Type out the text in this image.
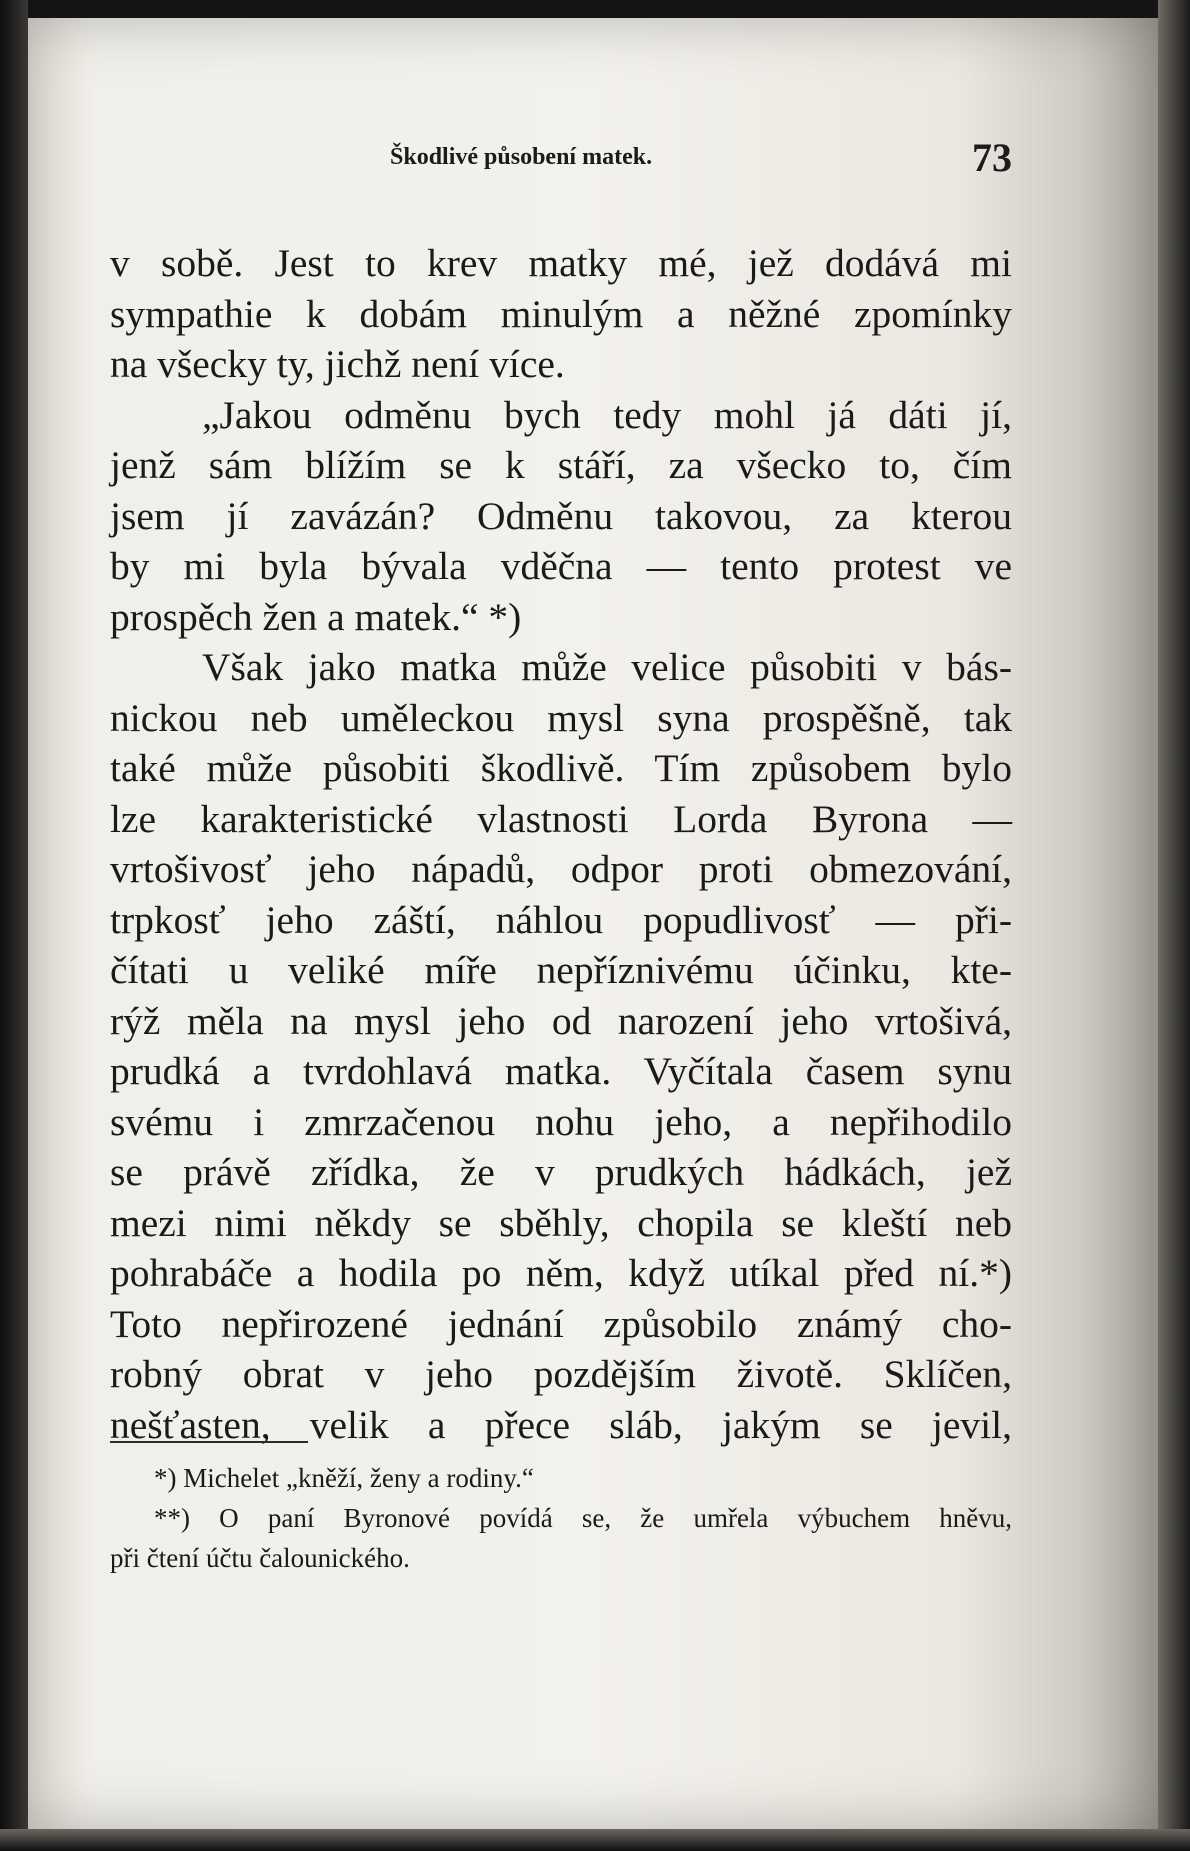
Škodlivé působení matek.	73
v sobě. Jest to krev matky mé, jež dodává mi
sympathie k dobám minulým a něžné zpomínky
na všecky ty, jichž není více.
„Jakou odměnu bych tedy mohl já dáti jí,
jenž sám blížím se k stáří, za všecko to, čím
jsem jí zavázán? Odměnu takovou, za kterou
by mi byla bývala vděčna — tento protest ve
prospěch žen a matek.“ *)
Však jako matka může velice působiti v bás-
nickou neb uměleckou mysl syna prospěšně, tak
také může působiti škodlivě. Tím způsobem bylo
lze karakteristické vlastnosti Lorda Byrona —
vrtošivosť jeho nápadů, odpor proti obmezování,
trpkosť jeho záští, náhlou popudlivosť — při-
čítati u veliké míře nepříznivému účinku, kte-
rýž měla na mysl jeho od narození jeho vrtošivá,
prudká a tvrdohlavá matka. Vyčítala časem synu
svému i zmrzačenou nohu jeho, a nepřihodilo
se právě zřídka, že v prudkých hádkách, jež
mezi nimi někdy se sběhly, chopila se kleští neb
pohrabáče a hodila po něm, když utíkal před ní.*)
Toto nepřirozené jednání způsobilo známý cho-
robný obrat v jeho pozdějším životě. Sklíčen,
nešťasten, velik a přece sláb, jakým se jevil,
*) Michelet „kněží, ženy a rodiny.“
**) O paní Byronové povídá se, že umřela výbuchem hněvu,
při čtení účtu čalounického.
